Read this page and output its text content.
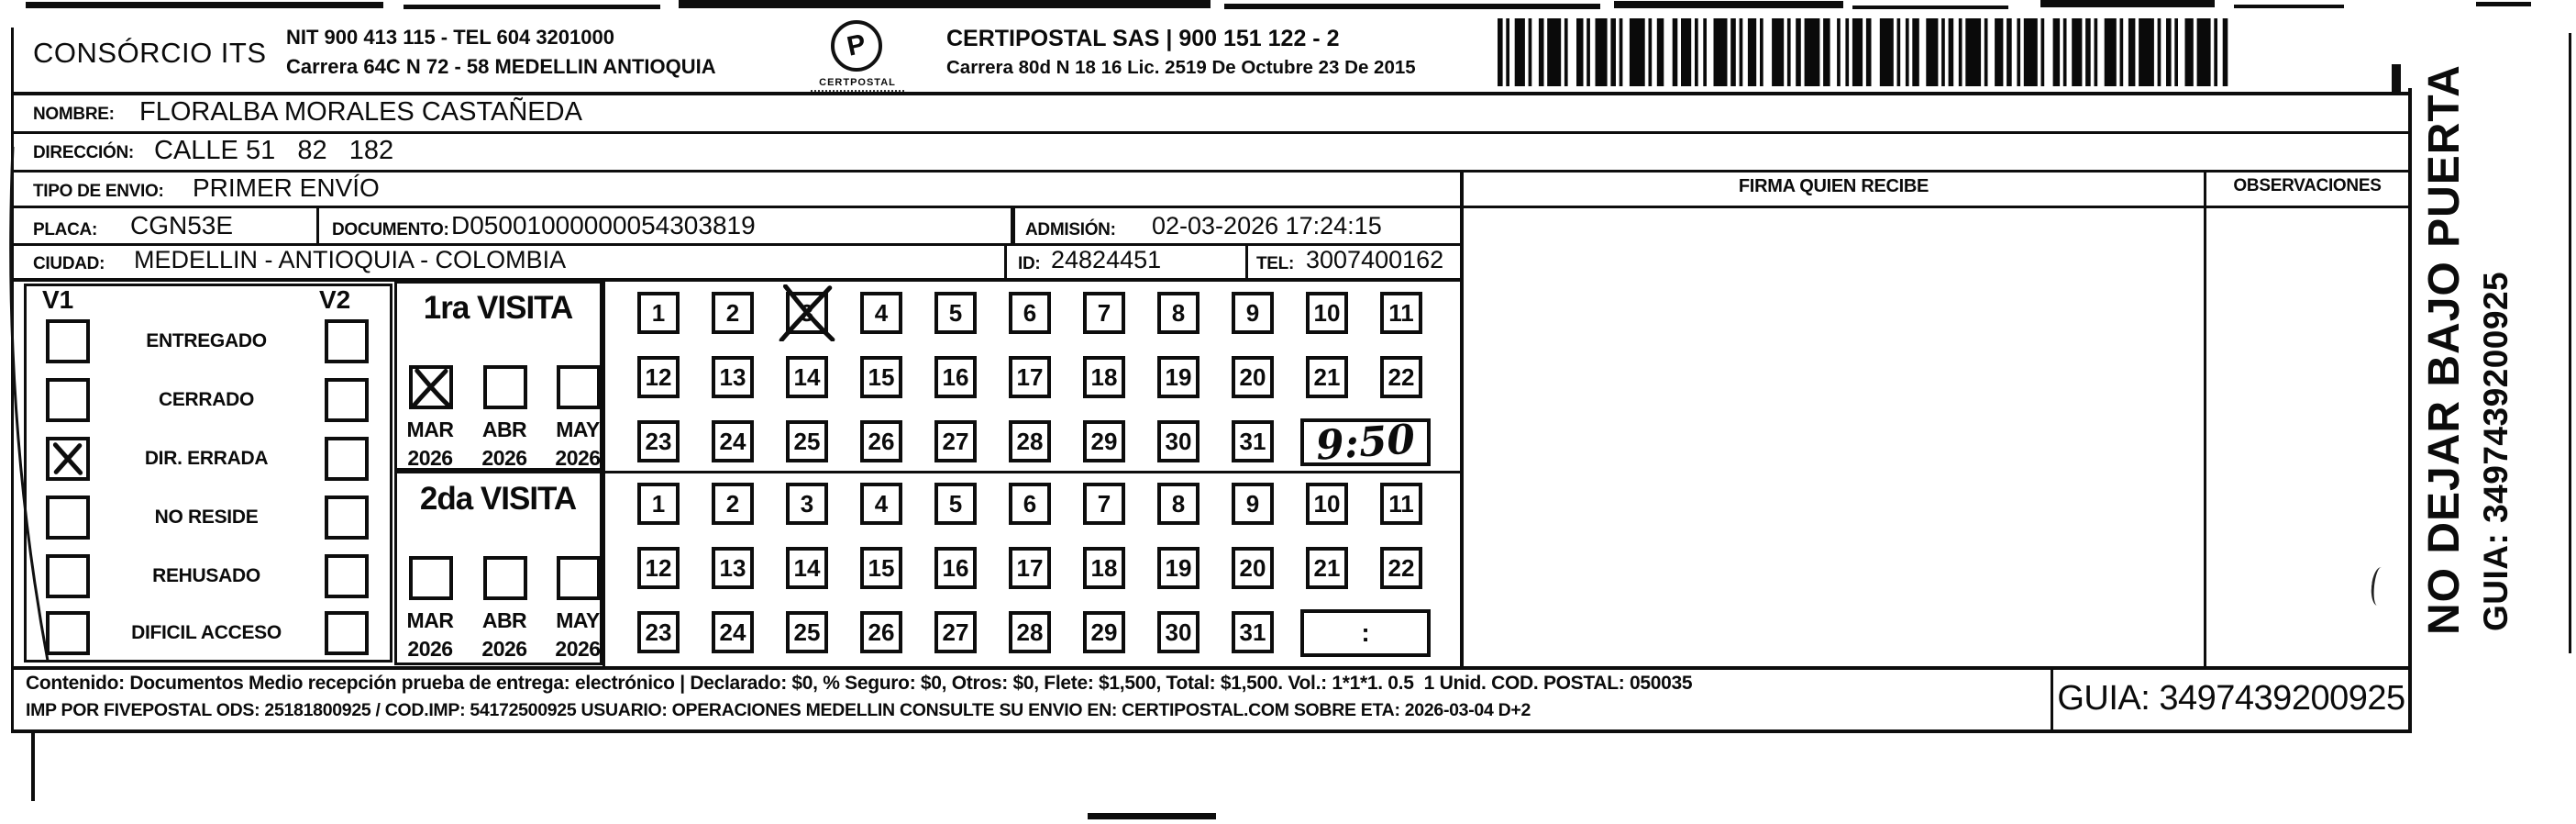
CONSÓRCIO ITS NIT 900 413 115 - TEL 604 3201000
Carrera 64C N 72 - 58 MEDELLIN ANTIOQUIA
P
CERTPOSTAL
CERTIPOSTAL SAS | 900 151 122 - 2
Carrera 80d N 18 16 Lic. 2519 De Octubre 23 De 2015
NOMBRE: FLORALBA MORALES CASTAÑEDA
DIRECCIÓN: CALLE 51   82   182
TIPO DE ENVIO: PRIMER ENVÍO	FIRMA QUIEN RECIBE	OBSERVACIONES
PLACA: CGN53E	DOCUMENTO: D05001000000054303819	ADMISIÓN: 02-03-2026 17:24:15
CIUDAD: MEDELLIN - ANTIOQUIA - COLOMBIA	ID: 24824451	TEL: 3007400162
V1	V2	1ra VISITA
2da VISITA
Contenido: Documentos Medio recepción prueba de entrega: electrónico | Declarado: $0, % Seguro: $0, Otros: $0, Flete: $1,500, Total: $1,500. Vol.: 1*1*1. 0.5  1 Unid. COD. POSTAL: 050035
IMP POR FIVEPOSTAL ODS: 25181800925 / COD.IMP: 54172500925 USUARIO: OPERACIONES MEDELLIN CONSULTE SU ENVIO EN: CERTIPOSTAL.COM SOBRE ETA: 2026-03-04 D+2	GUIA: 3497439200925
NO DEJAR BAJO PUERTA GUIA: 3497439200925
ENTREGADO
CERRADO
DIR. ERRADA
NO RESIDE
REHUSADO
DIFICIL ACCESO
MAR
2026
ABR
2026
MAY
2026
1	2	3	4	5	6	7	8	9	10	11
12	13	14	15	16	17	18	19	20	21	22
23	24	25	26	27	28	29	30	31 9:50
MAR
2026
ABR
2026
MAY
2026
1	2	3	4	5	6	7	8	9	10	11
12	13	14	15	16	17	18	19	20	21	22
23	24	25	26	27	28	29	30	31	:
